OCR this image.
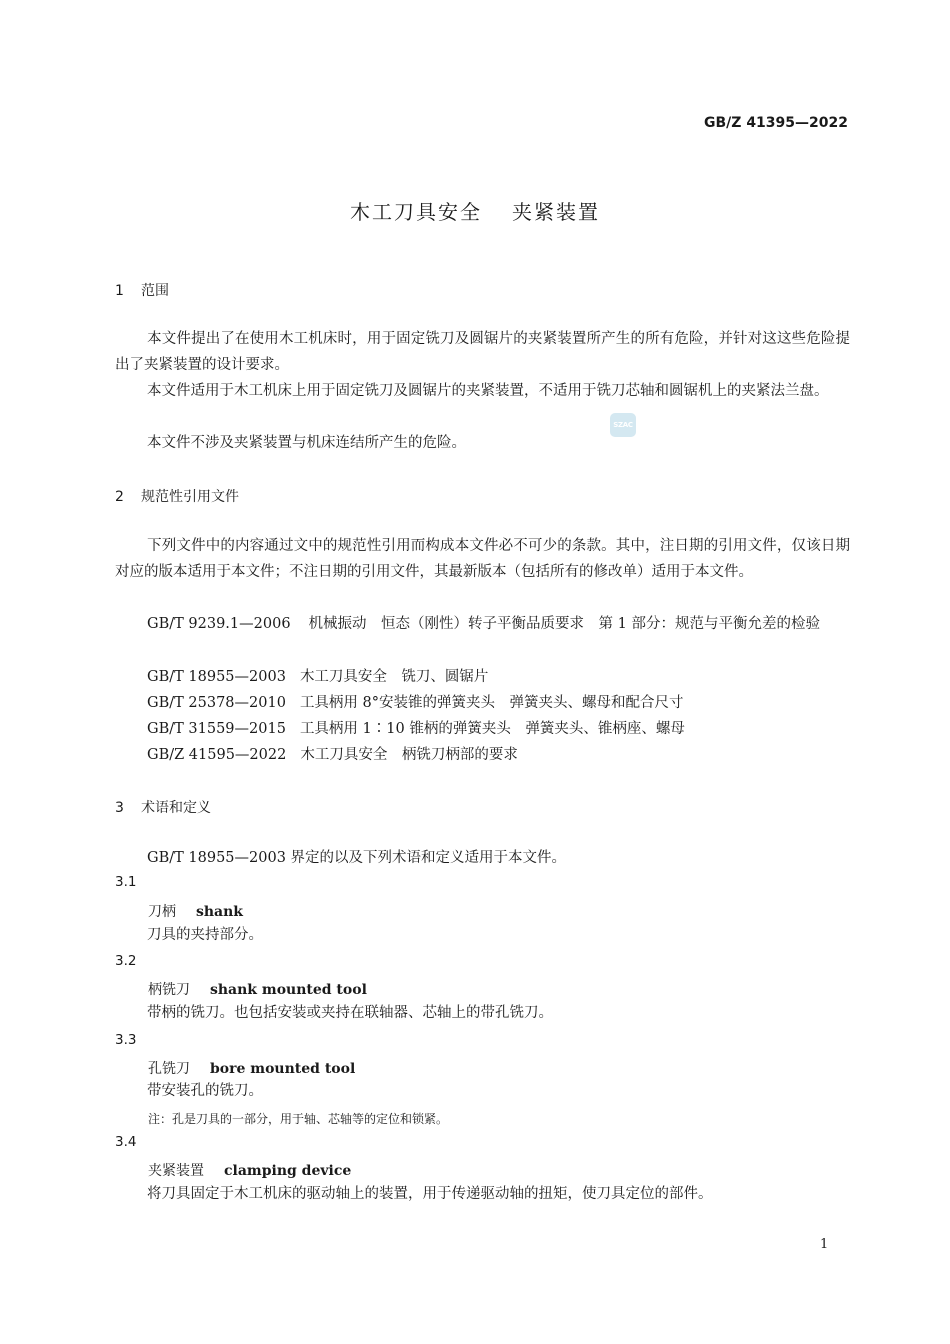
GB/Z 41395—2022
木工刀具安全 夹紧装置
1 范围
本文件提出了在使用木工机床时，用于固定铣刀及圆锯片的夹紧装置所产生的所有危险，并针对这这些危险提出了夹紧装置的设计要求。
本文件适用于木工机床上用于固定铣刀及圆锯片的夹紧装置，不适用于铣刀芯轴和圆锯机上的夹紧法兰盘。
本文件不涉及夹紧装置与机床连结所产生的危险。
SZAC
2 规范性引用文件
下列文件中的内容通过文中的规范性引用而构成本文件必不可少的条款。其中，注日期的引用文件，仅该日期对应的版本适用于本文件；不注日期的引用文件，其最新版本（包括所有的修改单）适用于本文件。
GB/T 9239.1—2006 机械振动　恒态（刚性）转子平衡品质要求　第 1 部分：规范与平衡允差的检验
GB/T 18955—2003 木工刀具安全　铣刀、圆锯片
GB/T 25378—2010 工具柄用 8°安装锥的弹簧夹头　弹簧夹头、螺母和配合尺寸
GB/T 31559—2015 工具柄用 1∶10 锥柄的弹簧夹头　弹簧夹头、锥柄座、螺母
GB/Z 41595—2022 木工刀具安全　柄铣刀柄部的要求
3 术语和定义
GB/T 18955—2003 界定的以及下列术语和定义适用于本文件。
3.1
刀柄 shank
刀具的夹持部分。
3.2
柄铣刀 shank mounted tool
带柄的铣刀。也包括安装或夹持在联轴器、芯轴上的带孔铣刀。
3.3
孔铣刀 bore mounted tool
带安装孔的铣刀。
注：孔是刀具的一部分，用于轴、芯轴等的定位和锁紧。
3.4
夹紧装置 clamping device
将刀具固定于木工机床的驱动轴上的装置，用于传递驱动轴的扭矩，使刀具定位的部件。
1
